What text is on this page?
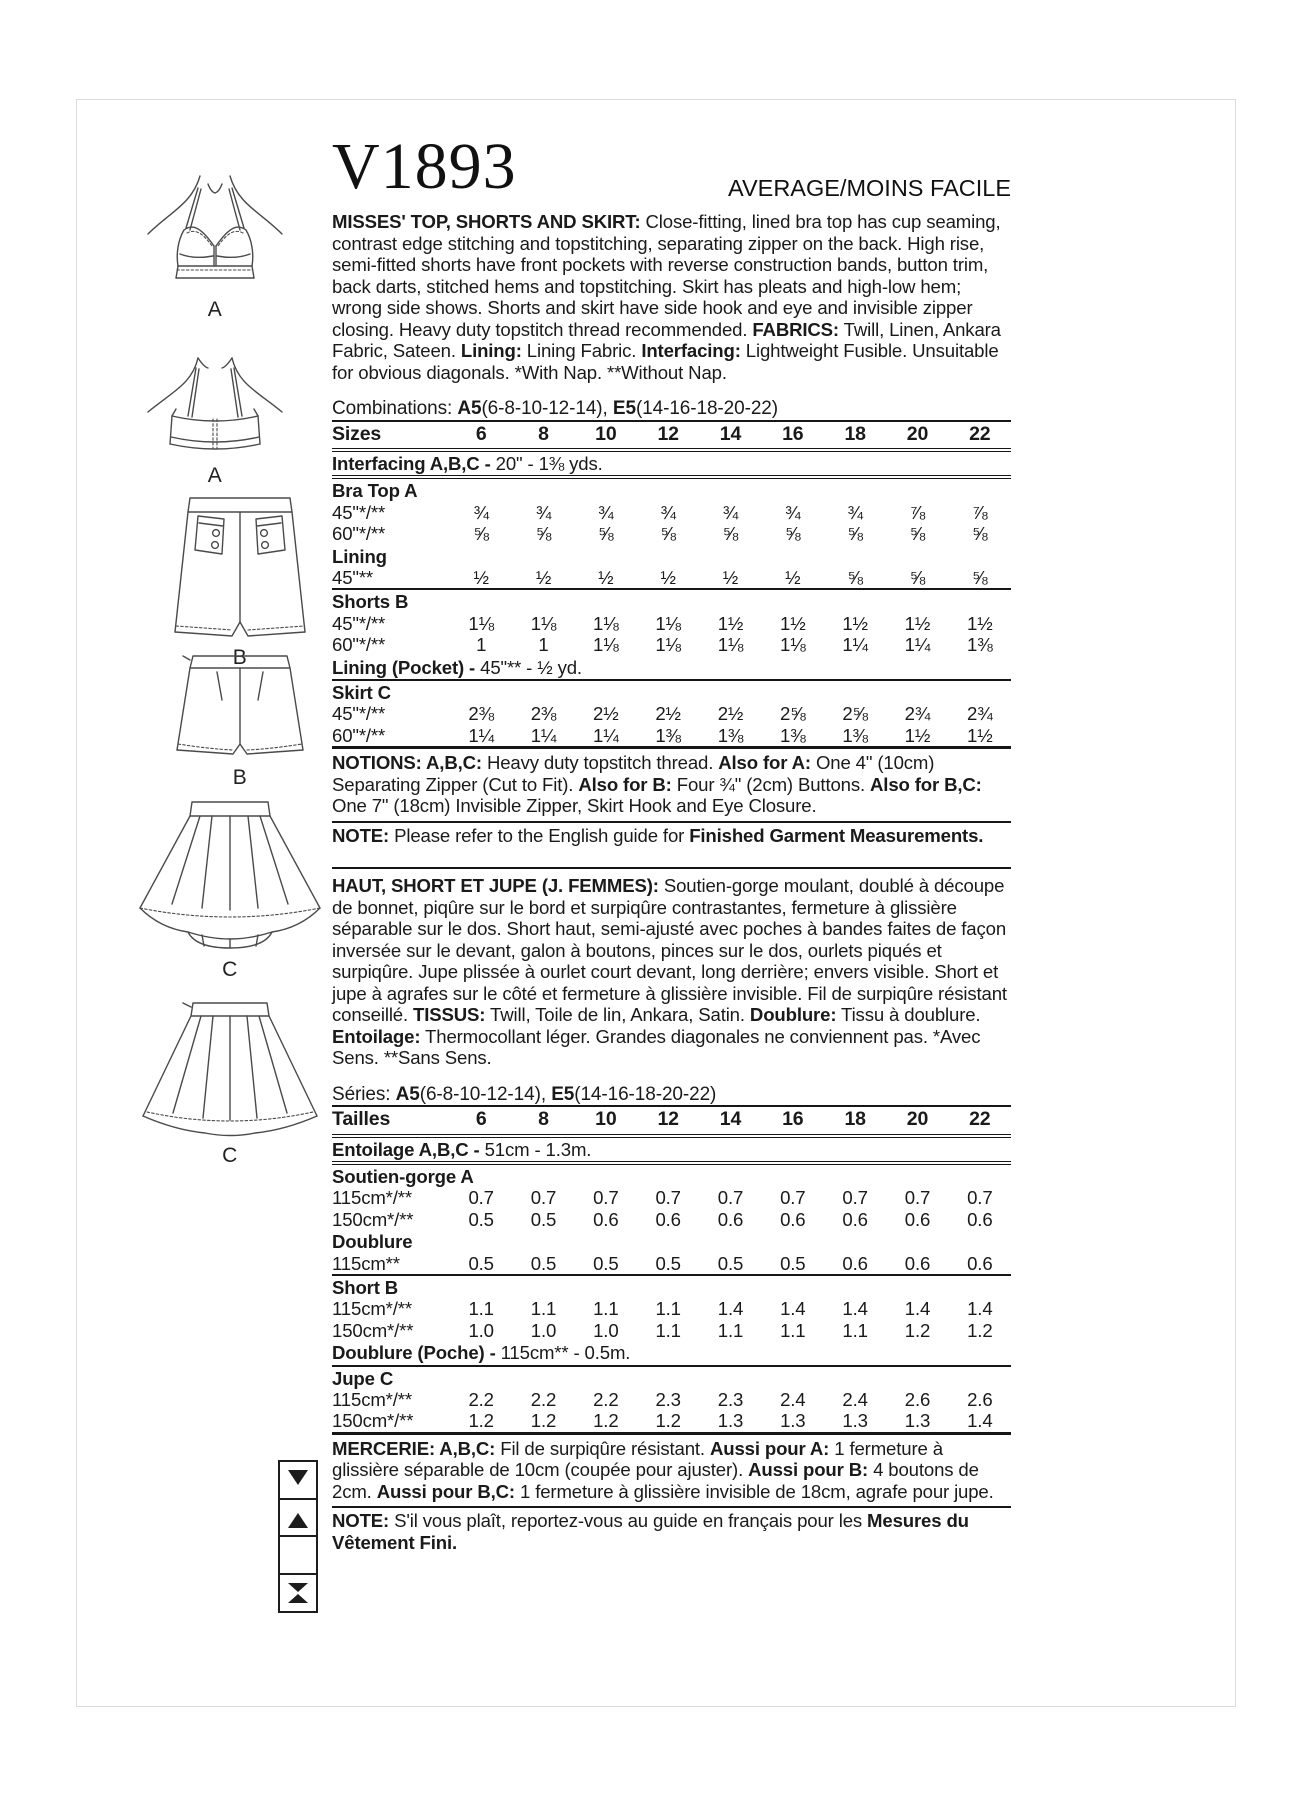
A
A
B
B
C
C
V1893	AVERAGE/MOINS FACILE
MISSES' TOP, SHORTS AND SKIRT: Close-fitting, lined bra top has cup seaming, contrast edge stitching and topstitching, separating zipper on the back. High rise, semi-fitted shorts have front pockets with reverse construction bands, button trim, back darts, stitched hems and topstitching. Skirt has pleats and high-low hem; wrong side shows. Shorts and skirt have side hook and eye and invisible zipper closing. Heavy duty topstitch thread recommended. FABRICS: Twill, Linen, Ankara Fabric, Sateen. Lining: Lining Fabric. Interfacing: Lightweight Fusible. Unsuitable for obvious diagonals. *With Nap. **Without Nap.
Combinations: A5(6-8-10-12-14), E5(14-16-18-20-22)
Sizes	6	8	10	12	14	16	18	20	22
Interfacing A,B,C - 20" - 1⅜ yds.									
Bra Top A									
45"*/**	¾	¾	¾	¾	¾	¾	¾	⅞	⅞
60"*/**	⅝	⅝	⅝	⅝	⅝	⅝	⅝	⅝	⅝
Lining									
45"**	½	½	½	½	½	½	⅝	⅝	⅝
Shorts B									
45"*/**	1⅛	1⅛	1⅛	1⅛	1½	1½	1½	1½	1½
60"*/**	1	1	1⅛	1⅛	1⅛	1⅛	1¼	1¼	1⅜
Lining (Pocket) - 45"** - ½ yd.									
Skirt C									
45"*/**	2⅜	2⅜	2½	2½	2½	2⅝	2⅝	2¾	2¾
60"*/**	1¼	1¼	1¼	1⅜	1⅜	1⅜	1⅜	1½	1½
NOTIONS: A,B,C: Heavy duty topstitch thread. Also for A: One 4" (10cm) Separating Zipper (Cut to Fit). Also for B: Four ¾" (2cm) Buttons. Also for B,C: One 7" (18cm) Invisible Zipper, Skirt Hook and Eye Closure.
NOTE: Please refer to the English guide for Finished Garment Measurements.
HAUT, SHORT ET JUPE (J. FEMMES): Soutien-gorge moulant, doublé à découpe de bonnet, piqûre sur le bord et surpiqûre contrastantes, fermeture à glissière séparable sur le dos. Short haut, semi-ajusté avec poches à bandes faites de façon inversée sur le devant, galon à boutons, pinces sur le dos, ourlets piqués et surpiqûre. Jupe plissée à ourlet court devant, long derrière; envers visible. Short et jupe à agrafes sur le côté et fermeture à glissière invisible. Fil de surpiqûre résistant conseillé. TISSUS: Twill, Toile de lin, Ankara, Satin. Doublure: Tissu à doublure. Entoilage: Thermocollant léger. Grandes diagonales ne conviennent pas. *Avec Sens. **Sans Sens.
Séries: A5(6-8-10-12-14), E5(14-16-18-20-22)
Tailles	6	8	10	12	14	16	18	20	22
Entoilage A,B,C - 51cm - 1.3m.									
Soutien-gorge A									
115cm*/**	0.7	0.7	0.7	0.7	0.7	0.7	0.7	0.7	0.7
150cm*/**	0.5	0.5	0.6	0.6	0.6	0.6	0.6	0.6	0.6
Doublure									
115cm**	0.5	0.5	0.5	0.5	0.5	0.5	0.6	0.6	0.6
Short B									
115cm*/**	1.1	1.1	1.1	1.1	1.4	1.4	1.4	1.4	1.4
150cm*/**	1.0	1.0	1.0	1.1	1.1	1.1	1.1	1.2	1.2
Doublure (Poche) - 115cm** - 0.5m.									
Jupe C									
115cm*/**	2.2	2.2	2.2	2.3	2.3	2.4	2.4	2.6	2.6
150cm*/**	1.2	1.2	1.2	1.2	1.3	1.3	1.3	1.3	1.4
MERCERIE: A,B,C: Fil de surpiqûre résistant. Aussi pour A: 1 fermeture à glissière séparable de 10cm (coupée pour ajuster). Aussi pour B: 4 boutons de 2cm. Aussi pour B,C: 1 fermeture à glissière invisible de 18cm, agrafe pour jupe.
NOTE: S'il vous plaît, reportez-vous au guide en français pour les Mesures du Vêtement Fini.
